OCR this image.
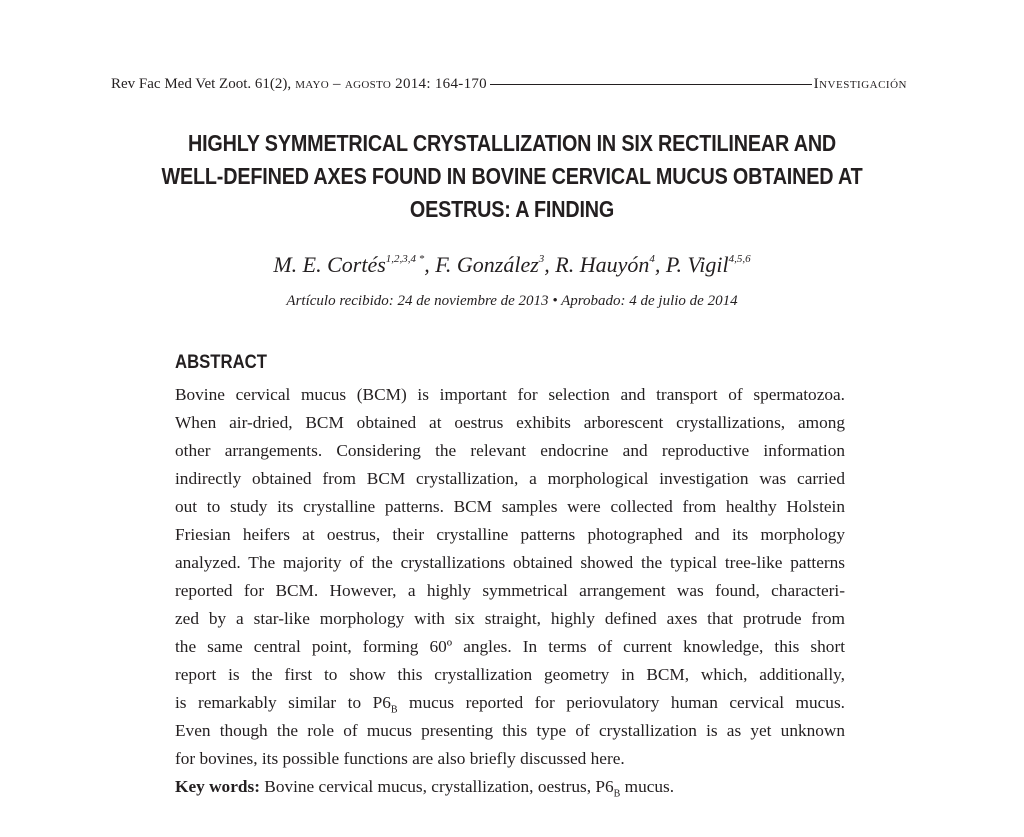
Rev Fac Med Vet Zoot. 61(2), mayo – agosto 2014: 164-170	Investigación
HIGHLY SYMMETRICAL CRYSTALLIZATION IN SIX RECTILINEAR AND
WELL-DEFINED AXES FOUND IN BOVINE CERVICAL MUCUS OBTAINED AT
OESTRUS: A FINDING
M. E. Cortés$^{1,2,3,4 *}$, F. González$^3$, R. Hauyón$^4$, P. Vigil$^{4,5,6}$
Artículo recibido: 24 de noviembre de 2013 • Aprobado: 4 de julio de 2014
ABSTRACT
Bovine cervical mucus (BCM) is important for selection and transport of spermatozoa.
When air-dried, BCM obtained at oestrus exhibits arborescent crystallizations, among
other arrangements. Considering the relevant endocrine and reproductive information
indirectly obtained from BCM crystallization, a morphological investigation was carried
out to study its crystalline patterns. BCM samples were collected from healthy Holstein
Friesian heifers at oestrus, their crystalline patterns photographed and its morphology
analyzed. The majority of the crystallizations obtained showed the typical tree-like patterns
reported for BCM. However, a highly symmetrical arrangement was found, characteri-
zed by a star-like morphology with six straight, highly defined axes that protrude from
the same central point, forming 60º angles. In terms of current knowledge, this short
report is the first to show this crystallization geometry in BCM, which, additionally,
is remarkably similar to $P6_B$ mucus reported for periovulatory human cervical mucus.
Even though the role of mucus presenting this type of crystallization is as yet unknown
for bovines, its possible functions are also briefly discussed here.
Key words: Bovine cervical mucus, crystallization, oestrus, $P6_B$ mucus.
